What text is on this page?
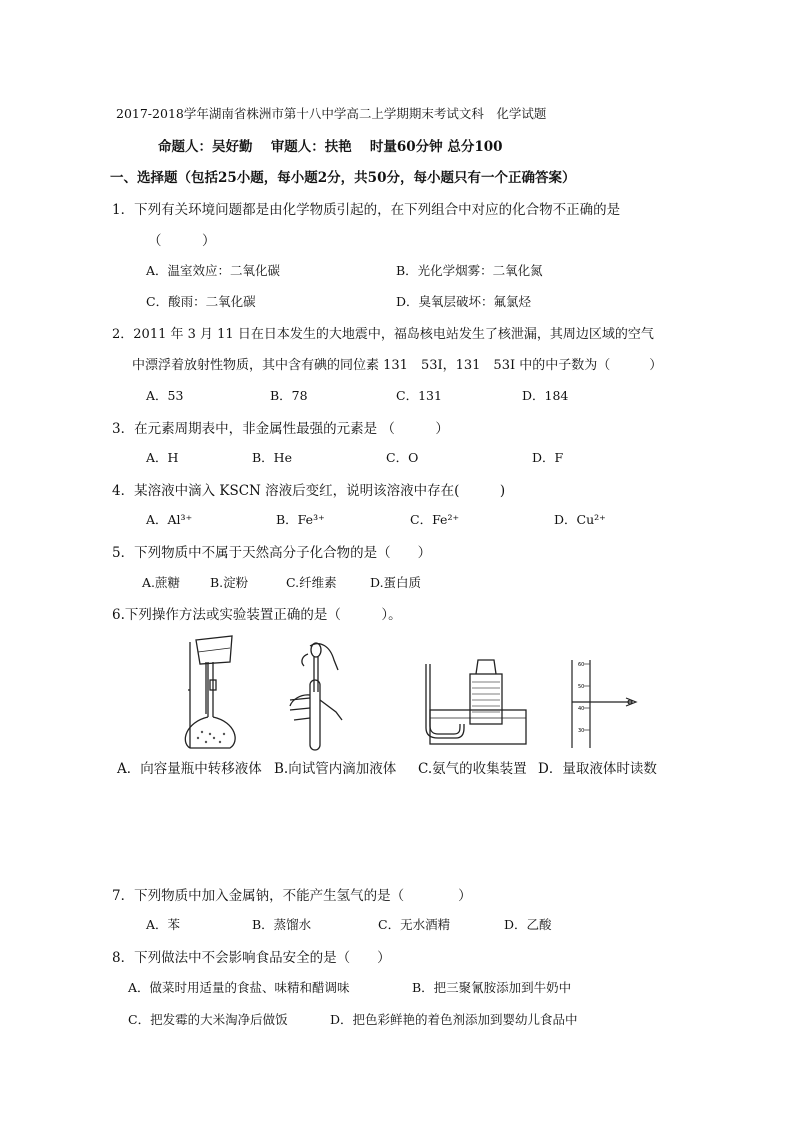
2017-2018学年湖南省株洲市第十八中学高二上学期期末考试文科　化学试题
命题人：吴好勤　 审题人：扶艳　 时量60分钟 总分100
一、选择题（包括25小题，每小题2分，共50分，每小题只有一个正确答案）
1．下列有关环境问题都是由化学物质引起的，在下列组合中对应的化合物不正确的是
（　　　）
A．温室效应：二氧化碳	B．光化学烟雾：二氧化氮
C．酸雨：二氧化碳	D．臭氧层破坏：氟氯烃
2．2011 年 3 月 11 日在日本发生的大地震中，福岛核电站发生了核泄漏，其周边区域的空气
中漂浮着放射性物质，其中含有碘的同位素 131　53I，131　53I 中的中子数为（　　　）
A．53	B．78	C．131	D．184
3．在元素周期表中，非金属性最强的元素是 （　　　）
A．H	B．He	C．O	D．F
4．某溶液中滴入 KSCN 溶液后变红，说明该溶液中存在(　　　)
A．Al³⁺	B．Fe³⁺	C．Fe²⁺	D．Cu²⁺
5．下列物质中不属于天然高分子化合物的是（　　）
A.蔗糖 B.淀粉	C.纤维素	D.蛋白质
6.下列操作方法或实验装置正确的是（　　　）。
60
50
40
30
A．向容量瓶中转移液体 B.向试管内滴加液体 C.氨气的收集装置 D．量取液体时读数
7．下列物质中加入金属钠，不能产生氢气的是（　　　　）
A．苯	B．蒸馏水	C．无水酒精	D．乙酸
8．下列做法中不会影响食品安全的是（　　）
A．做菜时用适量的食盐、味精和醋调味	B．把三聚氰胺添加到牛奶中
C．把发霉的大米淘净后做饭	D．把色彩鲜艳的着色剂添加到婴幼儿食品中
